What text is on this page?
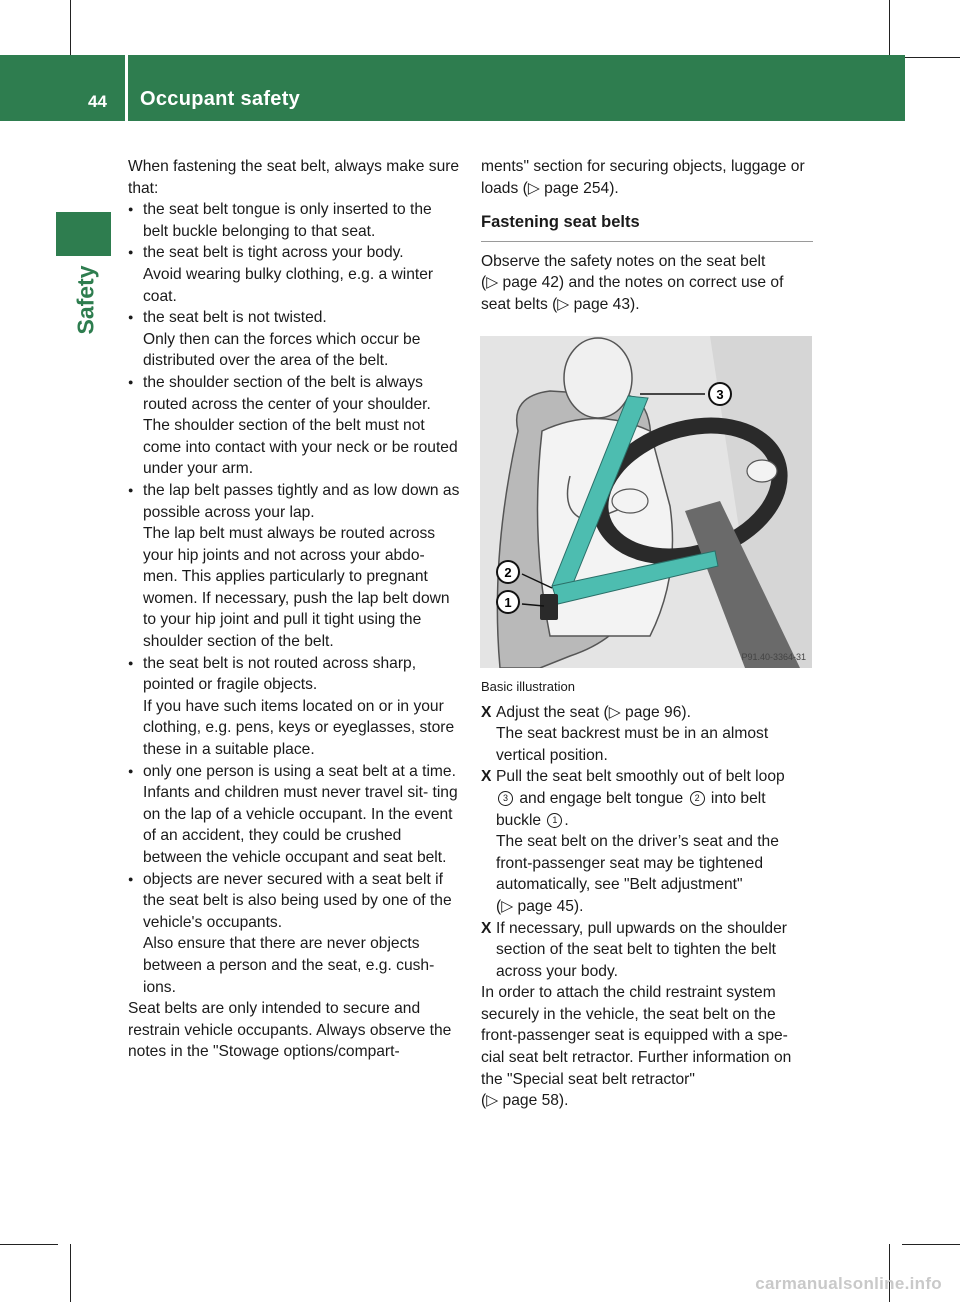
44 Occupant safety
Safety

When fastening the seat belt, always make sure that:

● the seat belt tongue is only inserted to the belt buckle belonging to that seat.

● the seat belt is tight across your body.

Avoid wearing bulky clothing, e.g. a winter coat.

● the seat belt is not twisted.

Only then can the forces which occur be distributed over the area of the belt.

● the shoulder section of the belt is always routed across the center of your shoulder.

The shoulder section of the belt must not come into contact with your neck or be routed under your arm.

● the lap belt passes tightly and as low down as possible across your lap.

The lap belt must always be routed across your hip joints and not across your abdo- men. This applies particularly to pregnant women. If necessary, push the lap belt down to your hip joint and pull it tight using the shoulder section of the belt.

● the seat belt is not routed across sharp, pointed or fragile objects.

If you have such items located on or in your clothing, e.g. pens, keys or eyeglasses, store these in a suitable place.

● only one person is using a seat belt at a time.

Infants and children must never travel sit- ting on the lap of a vehicle occupant. In the event of an accident, they could be crushed between the vehicle occupant and seat belt.

● objects are never secured with a seat belt if the seat belt is also being used by one of the vehicle's occupants.

Also ensure that there are never objects between a person and the seat, e.g. cush- ions.

Seat belts are only intended to secure and restrain vehicle occupants. Always observe the notes in the "Stowage options/compart-

ments" section for securing objects, luggage or loads (▷ page 254).

Fastening seat belts

Observe the safety notes on the seat belt
(▷ page 42) and the notes on correct use of seat belts (▷ page 43).

3
2
1
P91.40-3364-31
Basic illustration
X Adjust the seat (▷ page 96).
The seat backrest must be in an almost vertical position.
X Pull the seat belt smoothly out of belt loop
3 and engage belt tongue 2 into belt buckle 1 .
The seat belt on the driver’s seat and the front-passenger seat may be tightened automatically, see "Belt adjustment"
(▷ page 45).
X If necessary, pull upwards on the shoulder section of the seat belt to tighten the belt across your body.

In order to attach the child restraint system securely in the vehicle, the seat belt on the front-passenger seat is equipped with a spe- cial seat belt retractor. Further information on the "Special seat belt retractor"
(▷ page 58).

carmanualsonline.info
